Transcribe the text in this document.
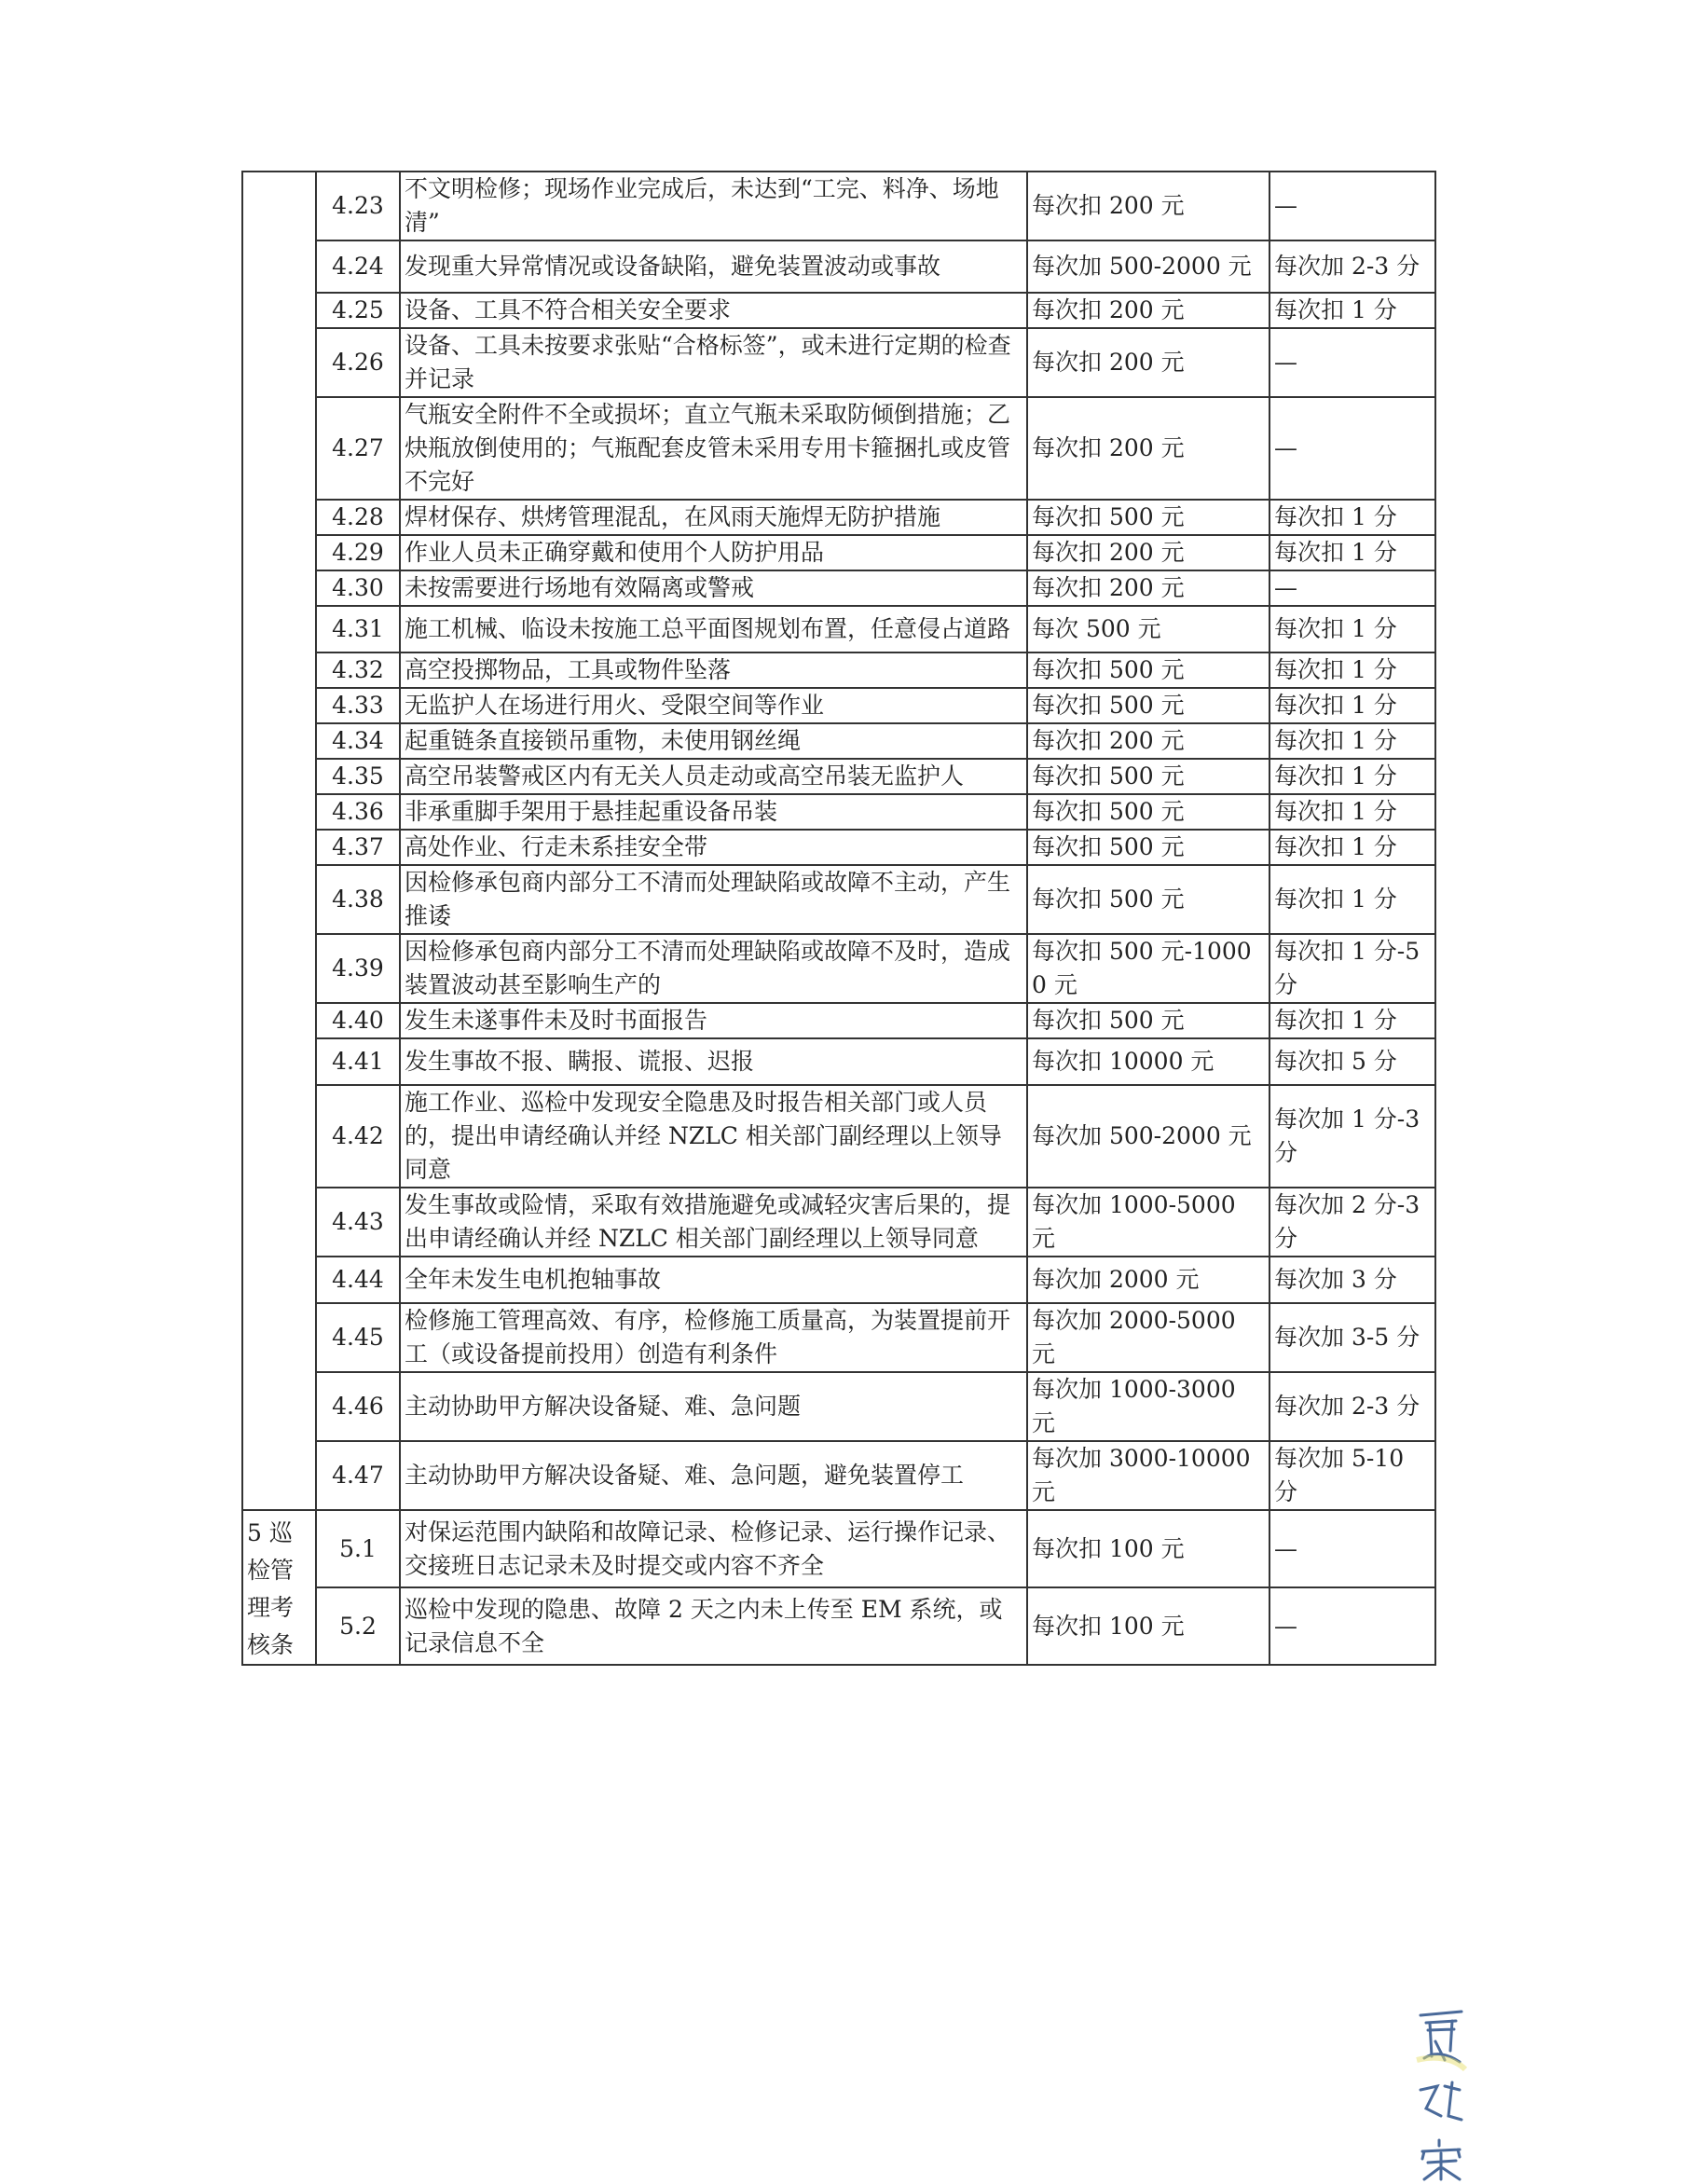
	4.23	不文明检修；现场作业完成后，未达到“工完、料净、场地清”	每次扣 200 元	—
	4.24	发现重大异常情况或设备缺陷，避免装置波动或事故	每次加 500-2000 元	每次加 2-3 分
	4.25	设备、工具不符合相关安全要求	每次扣 200 元	每次扣 1 分
	4.26	设备、工具未按要求张贴“合格标签”，或未进行定期的检查并记录	每次扣 200 元	—
	4.27	气瓶安全附件不全或损坏；直立气瓶未采取防倾倒措施；乙炔瓶放倒使用的；气瓶配套皮管未采用专用卡箍捆扎或皮管不完好	每次扣 200 元	—
	4.28	焊材保存、烘烤管理混乱，在风雨天施焊无防护措施	每次扣 500 元	每次扣 1 分
	4.29	作业人员未正确穿戴和使用个人防护用品	每次扣 200 元	每次扣 1 分
	4.30	未按需要进行场地有效隔离或警戒	每次扣 200 元	—
	4.31	施工机械、临设未按施工总平面图规划布置，任意侵占道路	每次 500 元	每次扣 1 分
	4.32	高空投掷物品，工具或物件坠落	每次扣 500 元	每次扣 1 分
	4.33	无监护人在场进行用火、受限空间等作业	每次扣 500 元	每次扣 1 分
	4.34	起重链条直接锁吊重物，未使用钢丝绳	每次扣 200 元	每次扣 1 分
	4.35	高空吊装警戒区内有无关人员走动或高空吊装无监护人	每次扣 500 元	每次扣 1 分
	4.36	非承重脚手架用于悬挂起重设备吊装	每次扣 500 元	每次扣 1 分
	4.37	高处作业、行走未系挂安全带	每次扣 500 元	每次扣 1 分
	4.38	因检修承包商内部分工不清而处理缺陷或故障不主动，产生推诿	每次扣 500 元	每次扣 1 分
	4.39	因检修承包商内部分工不清而处理缺陷或故障不及时，造成装置波动甚至影响生产的	每次扣 500 元-10000 元	每次扣 1 分-5 分
	4.40	发生未遂事件未及时书面报告	每次扣 500 元	每次扣 1 分
	4.41	发生事故不报、瞒报、谎报、迟报	每次扣 10000 元	每次扣 5 分
	4.42	施工作业、巡检中发现安全隐患及时报告相关部门或人员的，提出申请经确认并经 NZLC 相关部门副经理以上领导同意	每次加 500-2000 元	每次加 1 分-3 分
	4.43	发生事故或险情，采取有效措施避免或减轻灾害后果的，提出申请经确认并经 NZLC 相关部门副经理以上领导同意	每次加 1000-5000 元	每次加 2 分-3 分
	4.44	全年未发生电机抱轴事故	每次加 2000 元	每次加 3 分
	4.45	检修施工管理高效、有序，检修施工质量高，为装置提前开工（或设备提前投用）创造有利条件	每次加 2000-5000 元	每次加 3-5 分
	4.46	主动协助甲方解决设备疑、难、急问题	每次加 1000-3000 元	每次加 2-3 分
	4.47	主动协助甲方解决设备疑、难、急问题，避免装置停工	每次加 3000-10000 元	每次加 5-10 分
5 巡检管理考核条	5.1	对保运范围内缺陷和故障记录、检修记录、运行操作记录、交接班日志记录未及时提交或内容不齐全	每次扣 100 元	—
	5.2	巡检中发现的隐患、故障 2 天之内未上传至 EM 系统，或记录信息不全	每次扣 100 元	—
